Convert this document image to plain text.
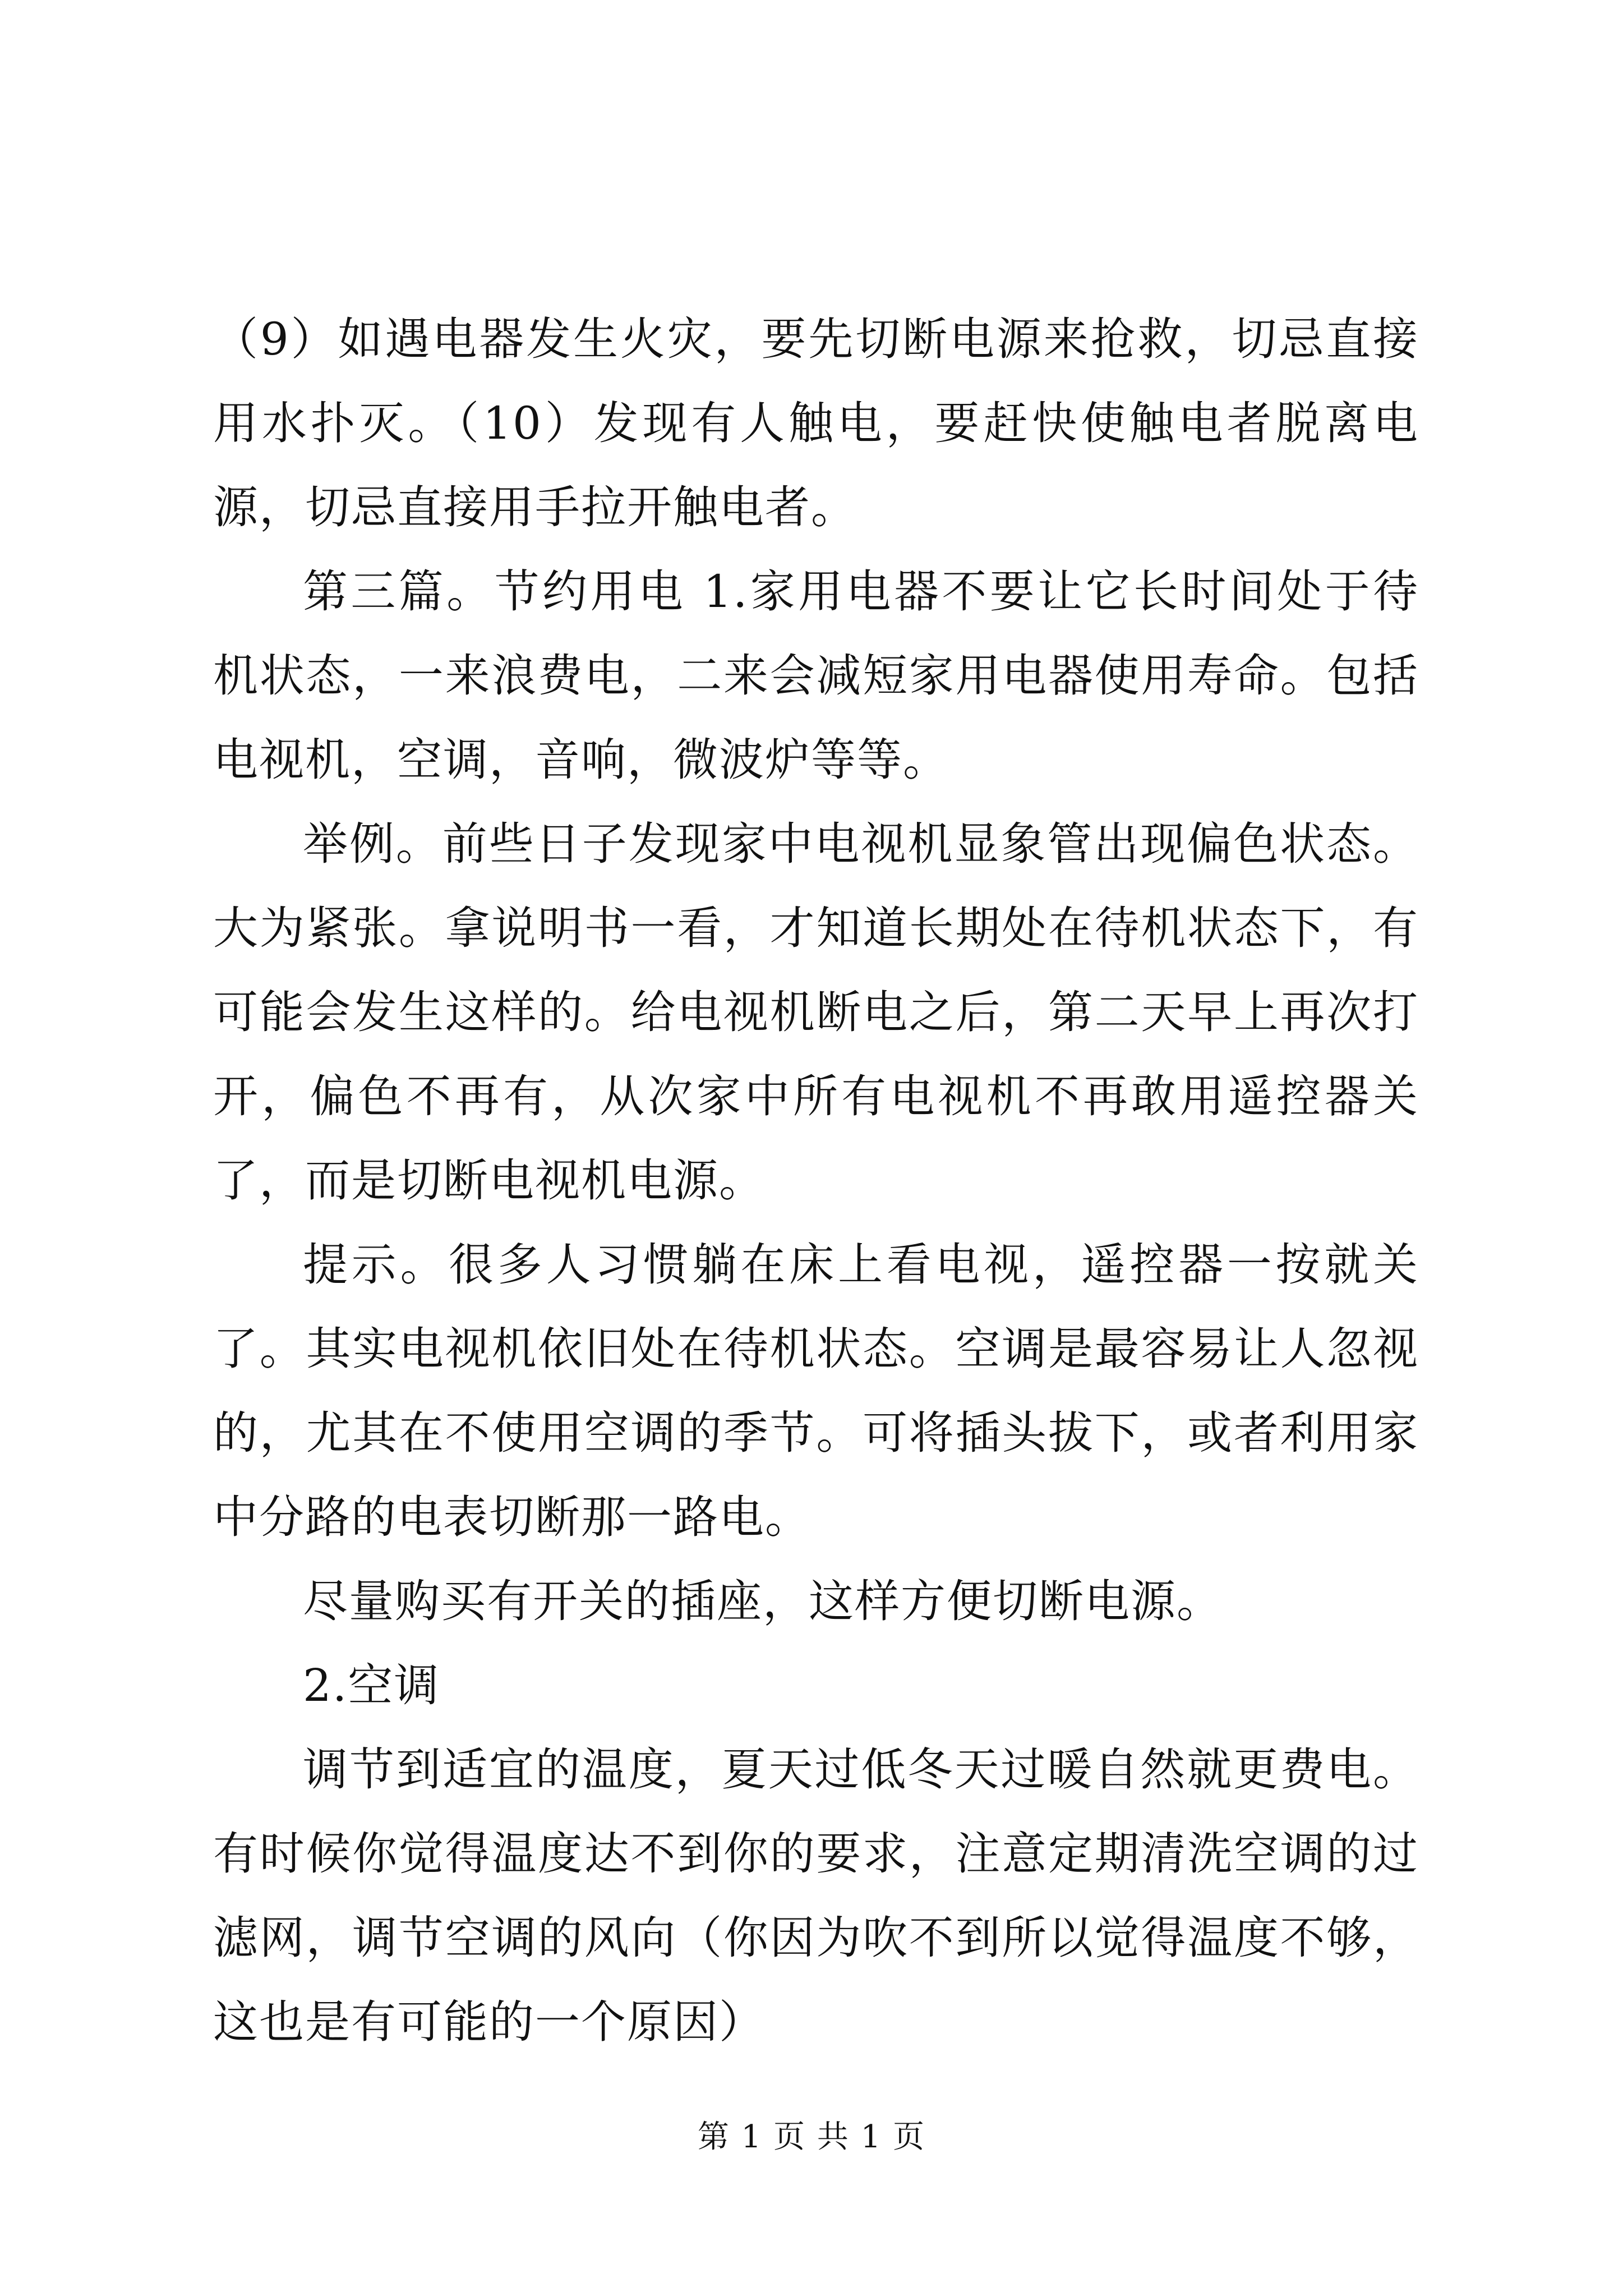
（9）如遇电器发生火灾，要先切断电源来抢救，切忌直接用水扑灭。（10）发现有人触电，要赶快使触电者脱离电源，切忌直接用手拉开触电者。

第三篇。节约用电 1.家用电器不要让它长时间处于待机状态，一来浪费电，二来会减短家用电器使用寿命。包括电视机，空调，音响，微波炉等等。

举例。前些日子发现家中电视机显象管出现偏色状态。大为紧张。拿说明书一看，才知道长期处在待机状态下，有可能会发生这样的。给电视机断电之后，第二天早上再次打开，偏色不再有，从次家中所有电视机不再敢用遥控器关了，而是切断电视机电源。

提示。很多人习惯躺在床上看电视，遥控器一按就关了。其实电视机依旧处在待机状态。空调是最容易让人忽视的，尤其在不使用空调的季节。可将插头拔下，或者利用家中分路的电表切断那一路电。

尽量购买有开关的插座，这样方便切断电源。

2.空调

调节到适宜的温度，夏天过低冬天过暖自然就更费电。有时候你觉得温度达不到你的要求，注意定期清洗空调的过滤网，调节空调的风向（你因为吹不到所以觉得温度不够，这也是有可能的一个原因）

第 1 页 共 1 页
